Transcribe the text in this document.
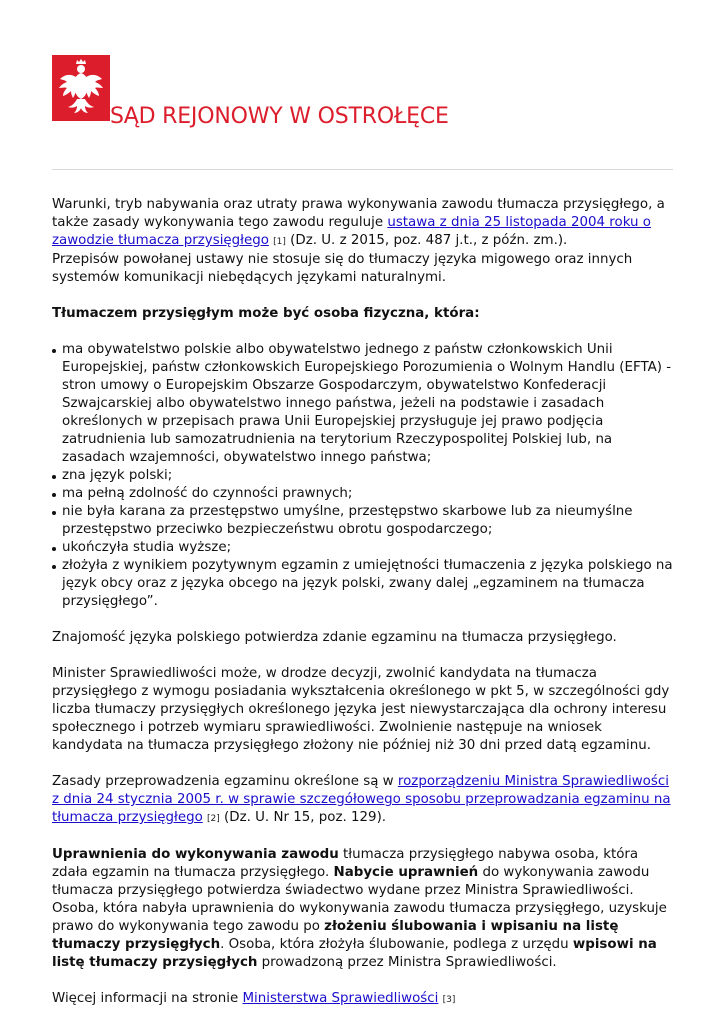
SĄD REJONOWY W OSTROŁĘCE

Warunki, tryb nabywania oraz utraty prawa wykonywania zawodu tłumacza przysięgłego, a także zasady wykonywania tego zawodu reguluje ustawa z dnia 25 listopada 2004 roku o zawodzie tłumacza przysięgłego [1] (Dz. U. z 2015, poz. 487 j.t., z późn. zm.).

Przepisów powołanej ustawy nie stosuje się do tłumaczy języka migowego oraz innych systemów komunikacji niebędących językami naturalnymi.

Tłumaczem przysięgłym może być osoba fizyczna, która:

ma obywatelstwo polskie albo obywatelstwo jednego z państw członkowskich Unii Europejskiej, państw członkowskich Europejskiego Porozumienia o Wolnym Handlu (EFTA) - stron umowy o Europejskim Obszarze Gospodarczym, obywatelstwo Konfederacji Szwajcarskiej albo obywatelstwo innego państwa, jeżeli na podstawie i zasadach określonych w przepisach prawa Unii Europejskiej przysługuje jej prawo podjęcia zatrudnienia lub samozatrudnienia na terytorium Rzeczypospolitej Polskiej lub, na zasadach wzajemności, obywatelstwo innego państwa;
zna język polski;
ma pełną zdolność do czynności prawnych;
nie była karana za przestępstwo umyślne, przestępstwo skarbowe lub za nieumyślne przestępstwo przeciwko bezpieczeństwu obrotu gospodarczego;
ukończyła studia wyższe;
złożyła z wynikiem pozytywnym egzamin z umiejętności tłumaczenia z języka polskiego na język obcy oraz z języka obcego na język polski, zwany dalej „egzaminem na tłumacza przysięgłego”.

Znajomość języka polskiego potwierdza zdanie egzaminu na tłumacza przysięgłego.

Minister Sprawiedliwości może, w drodze decyzji, zwolnić kandydata na tłumacza przysięgłego z wymogu posiadania wykształcenia określonego w pkt 5, w szczególności gdy liczba tłumaczy przysięgłych określonego języka jest niewystarczająca dla ochrony interesu społecznego i potrzeb wymiaru sprawiedliwości. Zwolnienie następuje na wniosek kandydata na tłumacza przysięgłego złożony nie później niż 30 dni przed datą egzaminu.

Zasady przeprowadzenia egzaminu określone są w rozporządzeniu Ministra Sprawiedliwości z dnia 24 stycznia 2005 r. w sprawie szczegółowego sposobu przeprowadzania egzaminu na tłumacza przysięgłego [2] (Dz. U. Nr 15, poz. 129).

Uprawnienia do wykonywania zawodu tłumacza przysięgłego nabywa osoba, która zdała egzamin na tłumacza przysięgłego. Nabycie uprawnień do wykonywania zawodu tłumacza przysięgłego potwierdza świadectwo wydane przez Ministra Sprawiedliwości. Osoba, która nabyła uprawnienia do wykonywania zawodu tłumacza przysięgłego, uzyskuje prawo do wykonywania tego zawodu po złożeniu ślubowania i wpisaniu na listę tłumaczy przysięgłych. Osoba, która złożyła ślubowanie, podlega z urzędu wpisowi na listę tłumaczy przysięgłych prowadzoną przez Ministra Sprawiedliwości.

Więcej informacji na stronie Ministerstwa Sprawiedliwości [3]
